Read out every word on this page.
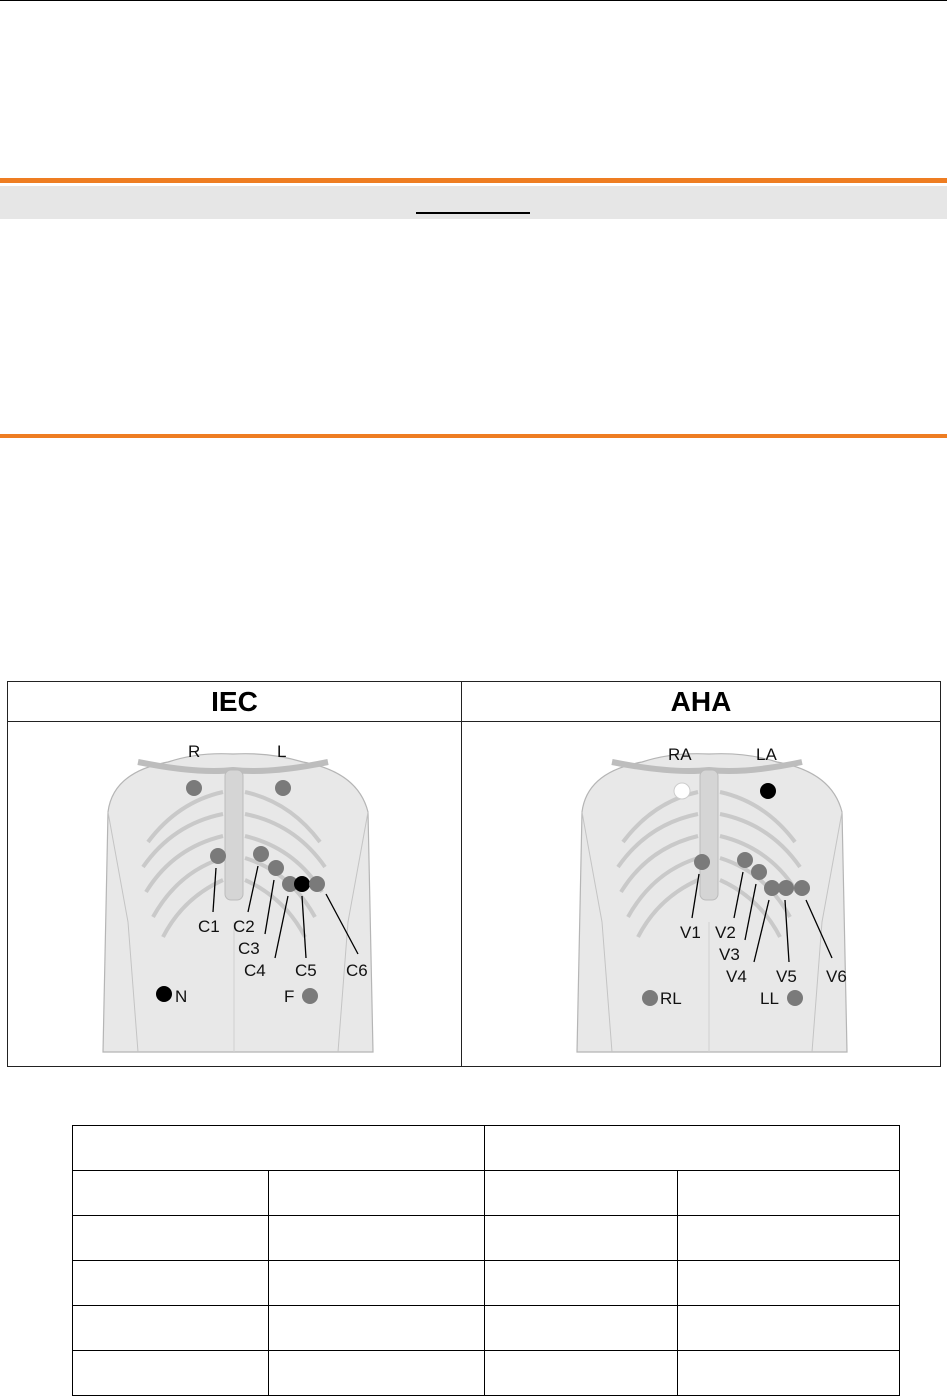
IEC	AHA
R	L
C1 C2
C3
C4 C5 C6
N	F
RA	LA
V1 V2
V3
V4 V5 V6
RL	LL
